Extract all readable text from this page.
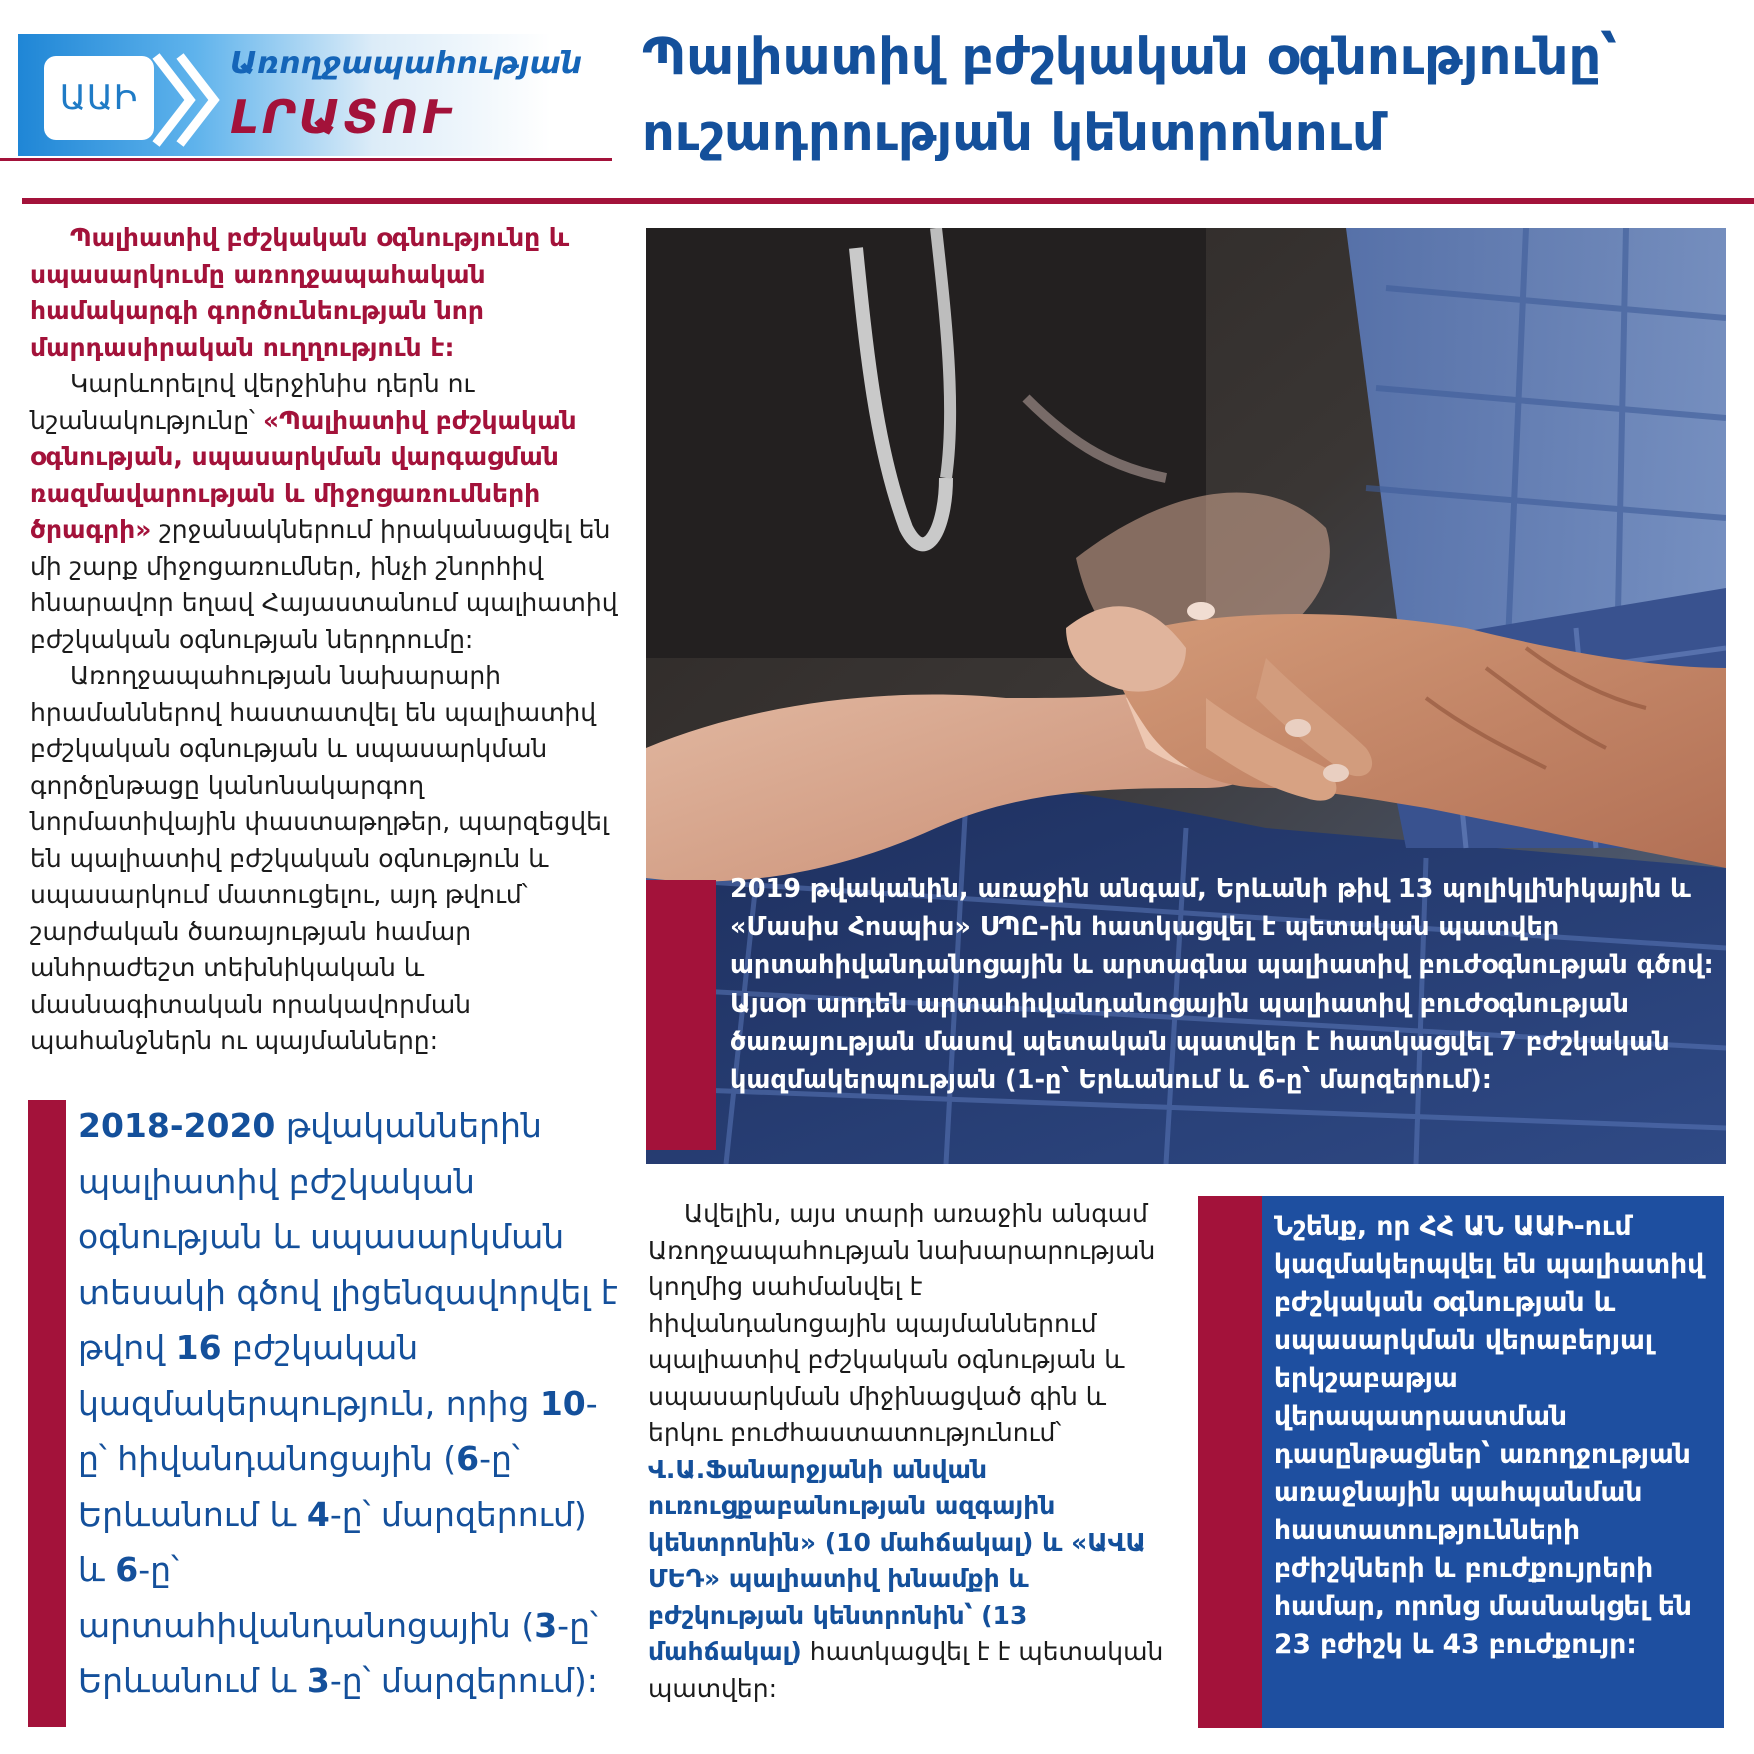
ԱԱԻ
Առողջապահության
ԼՐԱՏՈՒ
Պալիատիվ բժշկական օգնությունը՝ ուշադրության կենտրոնում

Պալիատիվ բժշկական օգնությունը և սպասարկումը առողջապահական համակարգի գործունեության նոր մարդասիրական ուղղություն է:

Կարևորելով վերջինիս դերն ու նշանակությունը՝ «Պալիատիվ բժշկական օգնության, սպասարկման վարգացման ռազմավարության և միջոցառումների ծրագրի» շրջանակներում իրականացվել են մի շարք միջոցառումներ, ինչի շնորհիվ հնարավոր եղավ Հայաստանում պալիատիվ բժշկական օգնության ներդրումը:

Առողջապահության նախարարի հրամաններով հաստատվել են պալիատիվ բժշկական օգնության և սպասարկման գործընթացը կանոնակարգող նորմատիվային փաստաթղթեր, պարզեցվել են պալիատիվ բժշկական օգնություն և սպասարկում մատուցելու, այդ թվում՝ շարժական ծառայության համար անհրաժեշտ տեխնիկական և մասնագիտական որակավորման պահանջներն ու պայմանները:

2018-2020 թվականներին պալիատիվ բժշկական օգնության և սպասարկման տեսակի գծով լիցենզավորվել է թվով 16 բժշկական կազմակերպություն, որից 10-ը՝ հիվանդանոցային (6-ը՝ Երևանում և 4-ը՝ մարզերում) և 6-ը՝ արտահիվանդանոցային (3-ը՝ Երևանում և 3-ը՝ մարզերում):
2019 թվականին, առաջին անգամ, Երևանի թիվ 13 պոլիկլինիկային և «Մասիս Հոսպիս» ՍՊԸ-ին հատկացվել է պետական պատվեր արտահիվանդանոցային և արտագնա պալիատիվ բուժօգնության գծով: Այսօր արդեն արտահիվանդանոցային պալիատիվ բուժօգնության ծառայության մասով պետական պատվեր է հատկացվել 7 բժշկական կազմակերպության (1-ը՝ Երևանում և 6-ը՝ մարզերում):

Ավելին, այս տարի առաջին անգամ Առողջապահության նախարարության կողմից սահմանվել է հիվանդանոցային պայմաններում պալիատիվ բժշկական օգնության և սպասարկման միջինացված գին և երկու բուժհաստատությունում՝ Վ.Ա.Ֆանարջյանի անվան ուռուցքաբանության ազգային կենտրոնին» (10 մահճակալ) և «ԱՎԱ ՄԵԴ» պալիատիվ խնամքի և բժշկության կենտրոնին՝ (13 մահճակալ) հատկացվել է է պետական պատվեր:

Նշենք, որ ՀՀ ԱՆ ԱԱԻ-ում կազմակերպվել են պալիատիվ բժշկական օգնության և սպասարկման վերաբերյալ երկշաբաթյա վերապատրաստման դասընթացներ՝ առողջության առաջնային պահպանման հաստատությունների բժիշկների և բուժքույրերի համար, որոնց մասնակցել են 23 բժիշկ և 43 բուժքույր:
